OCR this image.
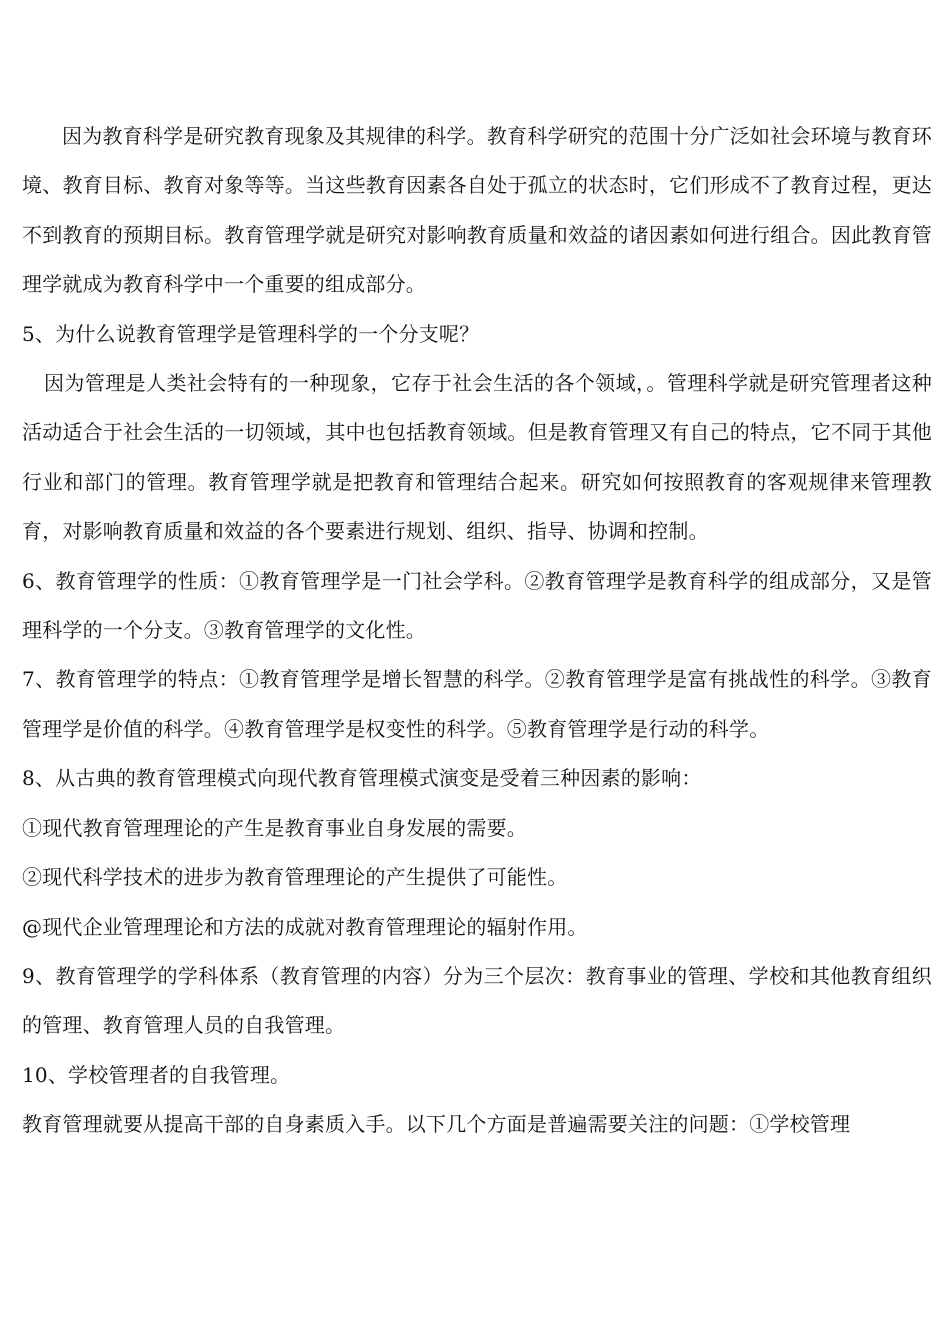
因为教育科学是研究教育现象及其规律的科学。教育科学研究的范围十分广泛如社会环境与教育环境、教育目标、教育对象等等。当这些教育因素各自处于孤立的状态时，它们形成不了教育过程，更达不到教育的预期目标。教育管理学就是研究对影响教育质量和效益的诸因素如何进行组合。因此教育管理学就成为教育科学中一个重要的组成部分。

5、为什么说教育管理学是管理科学的一个分支呢？

因为管理是人类社会特有的一种现象，它存于社会生活的各个领域，。管理科学就是研究管理者这种活动适合于社会生活的一切领域，其中也包括教育领域。但是教育管理又有自己的特点，它不同于其他行业和部门的管理。教育管理学就是把教育和管理结合起来。研究如何按照教育的客观规律来管理教育，对影响教育质量和效益的各个要素进行规划、组织、指导、协调和控制。

6、教育管理学的性质：①教育管理学是一门社会学科。②教育管理学是教育科学的组成部分，又是管理科学的一个分支。③教育管理学的文化性。

7、教育管理学的特点：①教育管理学是增长智慧的科学。②教育管理学是富有挑战性的科学。③教育管理学是价值的科学。④教育管理学是权变性的科学。⑤教育管理学是行动的科学。

8、从古典的教育管理模式向现代教育管理模式演变是受着三种因素的影响：

①现代教育管理理论的产生是教育事业自身发展的需要。

②现代科学技术的进步为教育管理理论的产生提供了可能性。

@现代企业管理理论和方法的成就对教育管理理论的辐射作用。

9、教育管理学的学科体系（教育管理的内容）分为三个层次：教育事业的管理、学校和其他教育组织的管理、教育管理人员的自我管理。

10、学校管理者的自我管理。

教育管理就要从提高干部的自身素质入手。以下几个方面是普遍需要关注的问题：①学校管理
